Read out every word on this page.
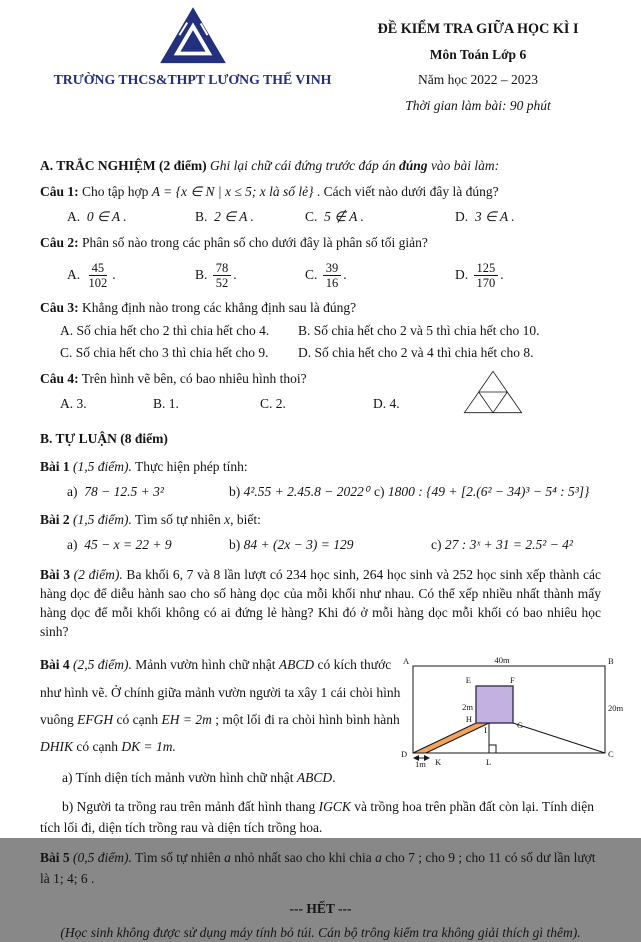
TRƯỜNG THCS&THPT LƯƠNG THẾ VINH
ĐỀ KIỂM TRA GIỮA HỌC KÌ I
Môn Toán Lớp 6
Năm học 2022 – 2023
Thời gian làm bài: 90 phút
A. TRẮC NGHIỆM (2 điểm) Ghi lại chữ cái đứng trước đáp án đúng vào bài làm:
Câu 1: Cho tập hợp A = {x ∈ N | x ≤ 5; x là số lẻ} . Cách viết nào dưới đây là đúng?
A. 0 ∈ A .	B. 2 ∈ A .	C. 5 ∉ A .	D. 3 ∈ A .
Câu 2: Phân số nào trong các phân số cho dưới đây là phân số tối giản?
A. $\frac{45}{102}$ .	B. $\frac{78}{52}$ .	C. $\frac{39}{16}$ .	D. $\frac{125}{170}$ .
Câu 3: Khẳng định nào trong các khẳng định sau là đúng?
A. Số chia hết cho 2 thì chia hết cho 4.	B. Số chia hết cho 2 và 5 thì chia hết cho 10.
C. Số chia hết cho 3 thì chia hết cho 9.	D. Số chia hết cho 2 và 4 thì chia hết cho 8.
Câu 4: Trên hình vẽ bên, có bao nhiêu hình thoi?
A. 3.	B. 1.	C. 2.	D. 4.
B. TỰ LUẬN (8 điểm)
Bài 1 (1,5 điểm). Thực hiện phép tính:
a) 78 − 12.5 + 3²	b) 4².55 + 2.45.8 − 2022⁰ c) 1800 : {49 + [2.(6² − 34)³ − 5⁴ : 5³]}
Bài 2 (1,5 điểm). Tìm số tự nhiên x, biết:
a) 45 − x = 22 + 9	b) 84 + (2x − 3) = 129	c) 27 : 3ˣ + 31 = 2.5² − 4²
Bài 3 (2 điểm). Ba khối 6, 7 và 8 lần lượt có 234 học sinh, 264 học sinh và 252 học sinh xếp thành các hàng dọc để diễu hành sao cho số hàng dọc của mỗi khối như nhau. Có thể xếp nhiều nhất thành mấy hàng dọc để mỗi khối không có ai đứng lẻ hàng? Khi đó ở mỗi hàng dọc mỗi khối có bao nhiêu học sinh?
Bài 4 (2,5 điểm). Mảnh vườn hình chữ nhật ABCD có kích thước như hình vẽ. Ở chính giữa mảnh vườn người ta xây 1 cái chòi hình vuông EFGH có cạnh EH = 2m ; một lối đi ra chòi hình bình hành DHIK có cạnh DK = 1m.
a) Tính diện tích mảnh vườn hình chữ nhật ABCD.
A	B
C
D
40m
20m
E	F
2m
H
G
I
1m K	L
b) Người ta trồng rau trên mảnh đất hình thang IGCK và trồng hoa trên phần đất còn lại. Tính diện tích lối đi, diện tích trồng rau và diện tích trồng hoa.
Bài 5 (0,5 điểm). Tìm số tự nhiên a nhỏ nhất sao cho khi chia a cho 7 ; cho 9 ; cho 11 có số dư lần lượt là 1; 4; 6 .
--- HẾT ---
(Học sinh không được sử dụng máy tính bỏ túi. Cán bộ trông kiểm tra không giải thích gì thêm).
